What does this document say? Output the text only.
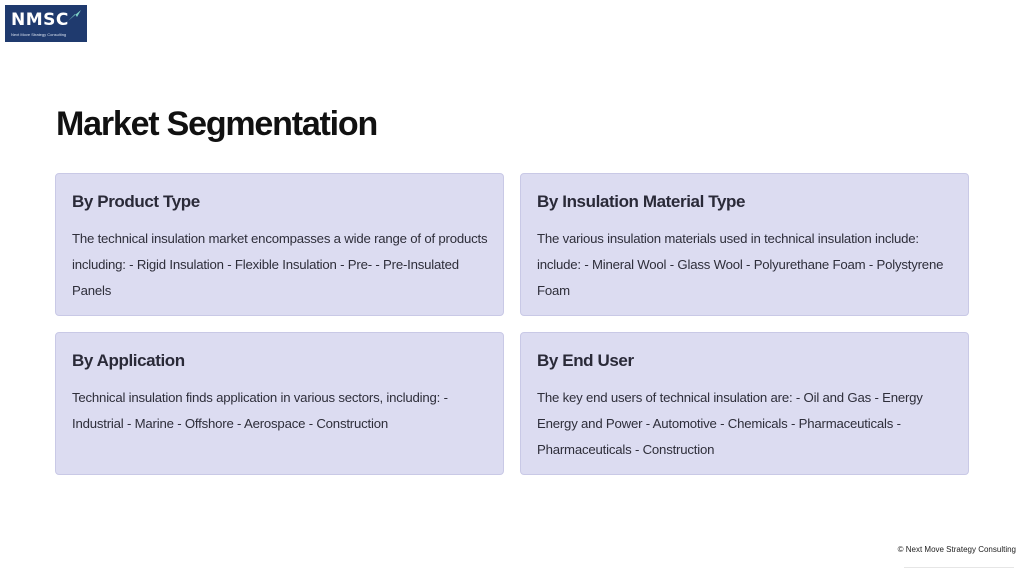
NMSC
Next Move Strategy Consulting
Market Segmentation
By Product Type

The technical insulation market encompasses a wide range of of products including: - Rigid Insulation - Flexible Insulation - Pre- - Pre-Insulated Panels

By Insulation Material Type

The various insulation materials used in technical insulation include: include: - Mineral Wool - Glass Wool - Polyurethane Foam - Polystyrene Foam

By Application

Technical insulation finds application in various sectors, including: - Industrial - Marine - Offshore - Aerospace - Construction

By End User

The key end users of technical insulation are: - Oil and Gas - Energy Energy and Power - Automotive - Chemicals - Pharmaceuticals - Pharmaceuticals - Construction

© Next Move Strategy Consulting
